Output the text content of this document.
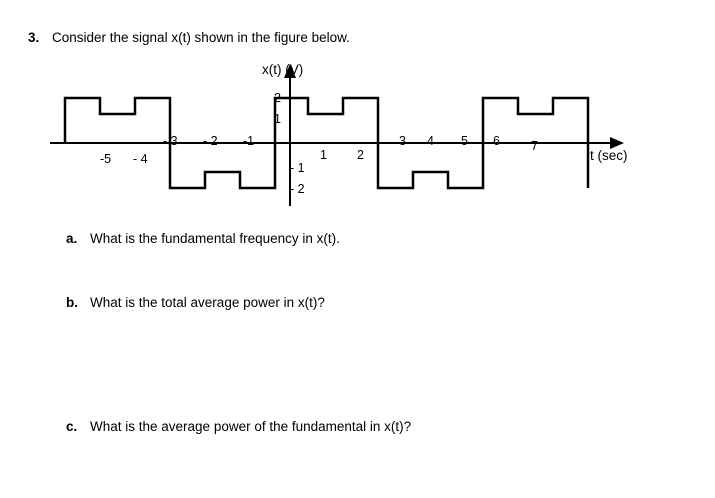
3. Consider the signal x(t) shown in the figure below.
x(t) (V)
t (sec)
2
1
- 1
- 2
-5 - 4
- 3 - 2 -1
1 2
3 4 5 6 7
a. What is the fundamental frequency in x(t).
b. What is the total average power in x(t)?
c. What is the average power of the fundamental in x(t)?
